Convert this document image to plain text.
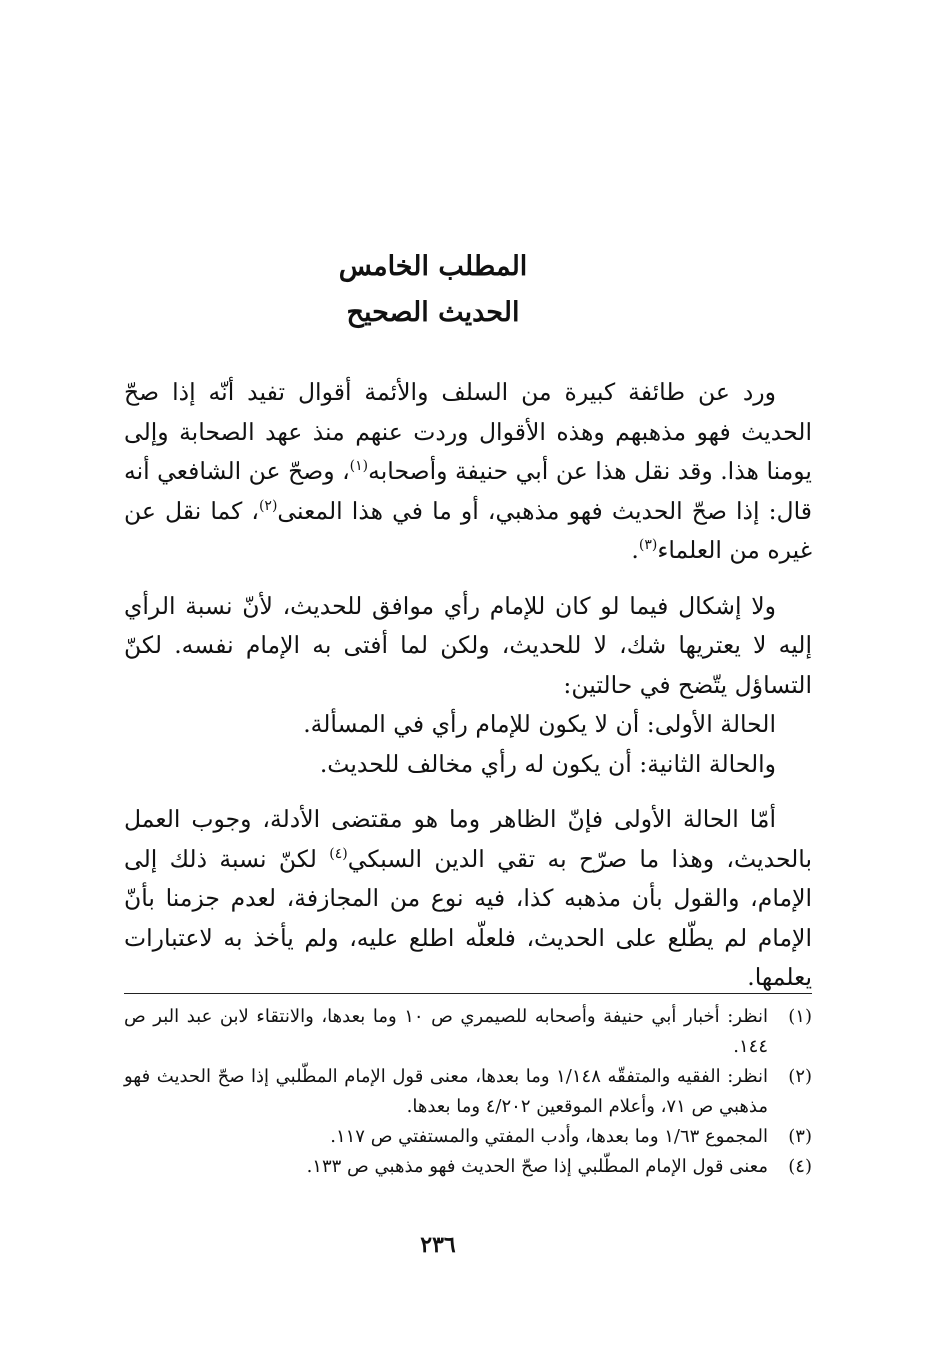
المطلب الخامس
الحديث الصحيح

ورد عن طائفة كبيرة من السلف والأئمة أقوال تفيد أنّه إذا صحّ الحديث فهو مذهبهم وهذه الأقوال وردت عنهم منذ عهد الصحابة وإلى يومنا هذا. وقد نقل هذا عن أبي حنيفة وأصحابه$^{(١)}$، وصحّ عن الشافعي أنه قال: إذا صحّ الحديث فهو مذهبي، أو ما في هذا المعنى$^{(٢)}$، كما نقل عن غيره من العلماء$^{(٣)}$.

ولا إشكال فيما لو كان للإمام رأي موافق للحديث، لأنّ نسبة الرأي إليه لا يعتريها شك، لا للحديث، ولكن لما أفتى به الإمام نفسه. لكنّ التساؤل يتّضح في حالتين:

الحالة الأولى: أن لا يكون للإمام رأي في المسألة.

والحالة الثانية: أن يكون له رأي مخالف للحديث.

أمّا الحالة الأولى فإنّ الظاهر وما هو مقتضى الأدلة، وجوب العمل بالحديث، وهذا ما صرّح به تقي الدين السبكي$^{(٤)}$ لكنّ نسبة ذلك إلى الإمام، والقول بأن مذهبه كذا، فيه نوع من المجازفة، لعدم جزمنا بأنّ الإمام لم يطّلع على الحديث، فلعلّه اطلع عليه، ولم يأخذ به لاعتبارات يعلمها.

(١)انظر: أخبار أبي حنيفة وأصحابه للصيمري ص ١٠ وما بعدها، والانتقاء لابن عبد البر ص ١٤٤.

(٢)انظر: الفقيه والمتفقّه ١/١٤٨ وما بعدها، معنى قول الإمام المطّلبي إذا صحّ الحديث فهو مذهبي ص ٧١، وأعلام الموقعين ٤/٢٠٢ وما بعدها.

(٣)المجموع ١/٦٣ وما بعدها، وأدب المفتي والمستفتي ص ١١٧.

(٤)معنى قول الإمام المطّلبي إذا صحّ الحديث فهو مذهبي ص ١٣٣.

٢٣٦
